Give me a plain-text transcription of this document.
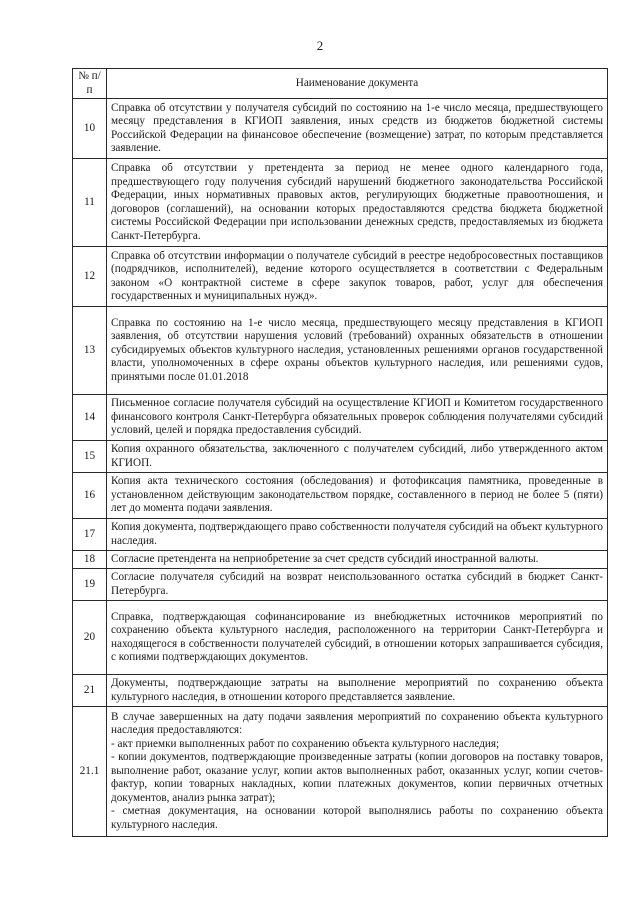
2
№ п/п	Наименование документа
10	Справка об отсутствии у получателя субсидий по состоянию на 1-е число месяца, предшествующего месяцу представления в КГИОП заявления, иных средств из бюджетов бюджетной системы Российской Федерации на финансовое обеспечение (возмещение) затрат, по которым представляется заявление.
11	Справка об отсутствии у претендента за период не менее одного календарного года, предшествующего году получения субсидий нарушений бюджетного законодательства Российской Федерации, иных нормативных правовых актов, регулирующих бюджетные правоотношения, и договоров (соглашений), на основании которых предоставляются средства бюджета бюджетной системы Российской Федерации при использовании денежных средств, предоставляемых из бюджета Санкт-Петербурга.
12	Справка об отсутствии информации о получателе субсидий в реестре недобросовестных поставщиков (подрядчиков, исполнителей), ведение которого осуществляется в соответствии с Федеральным законом «О контрактной системе в сфере закупок товаров, работ, услуг для обеспечения государственных и муниципальных нужд».
13	Справка по состоянию на 1-е число месяца, предшествующего месяцу представления в КГИОП заявления, об отсутствии нарушения условий (требований) охранных обязательств в отношении субсидируемых объектов культурного наследия, установленных решениями органов государственной власти, уполномоченных в сфере охраны объектов культурного наследия, или решениями судов, принятыми после 01.01.2018
14	Письменное согласие получателя субсидий на осуществление КГИОП и Комитетом государственного финансового контроля Санкт-Петербурга обязательных проверок соблюдения получателями субсидий условий, целей и порядка предоставления субсидий.
15	Копия охранного обязательства, заключенного с получателем субсидий, либо утвержденного актом КГИОП.
16	Копия акта технического состояния (обследования) и фотофиксация памятника, проведенные в установленном действующим законодательством порядке, составленного в период не более 5 (пяти) лет до момента подачи заявления.
17	Копия документа, подтверждающего право собственности получателя субсидий на объект культурного наследия.
18	Согласие претендента на неприобретение за счет средств субсидий иностранной валюты.
19	Согласие получателя субсидий на возврат неиспользованного остатка субсидий в бюджет Санкт-Петербурга.
20	Справка, подтверждающая софинансирование из внебюджетных источников мероприятий по сохранению объекта культурного наследия, расположенного на территории Санкт-Петербурга и находящегося в собственности получателей субсидий, в отношении которых запрашивается субсидия, с копиями подтверждающих документов.
21	Документы, подтверждающие затраты на выполнение мероприятий по сохранению объекта культурного наследия, в отношении которого представляется заявление.
21.1	В случае завершенных на дату подачи заявления мероприятий по сохранению объекта культурного наследия предоставляются:
- акт приемки выполненных работ по сохранению объекта культурного наследия;
- копии документов, подтверждающие произведенные затраты (копии договоров на поставку товаров, выполнение работ, оказание услуг, копии актов выполненных работ, оказанных услуг, копии счетов-фактур, копии товарных накладных, копии платежных документов, копии первичных отчетных документов, анализ рынка затрат);
- сметная документация, на основании которой выполнялись работы по сохранению объекта культурного наследия.
